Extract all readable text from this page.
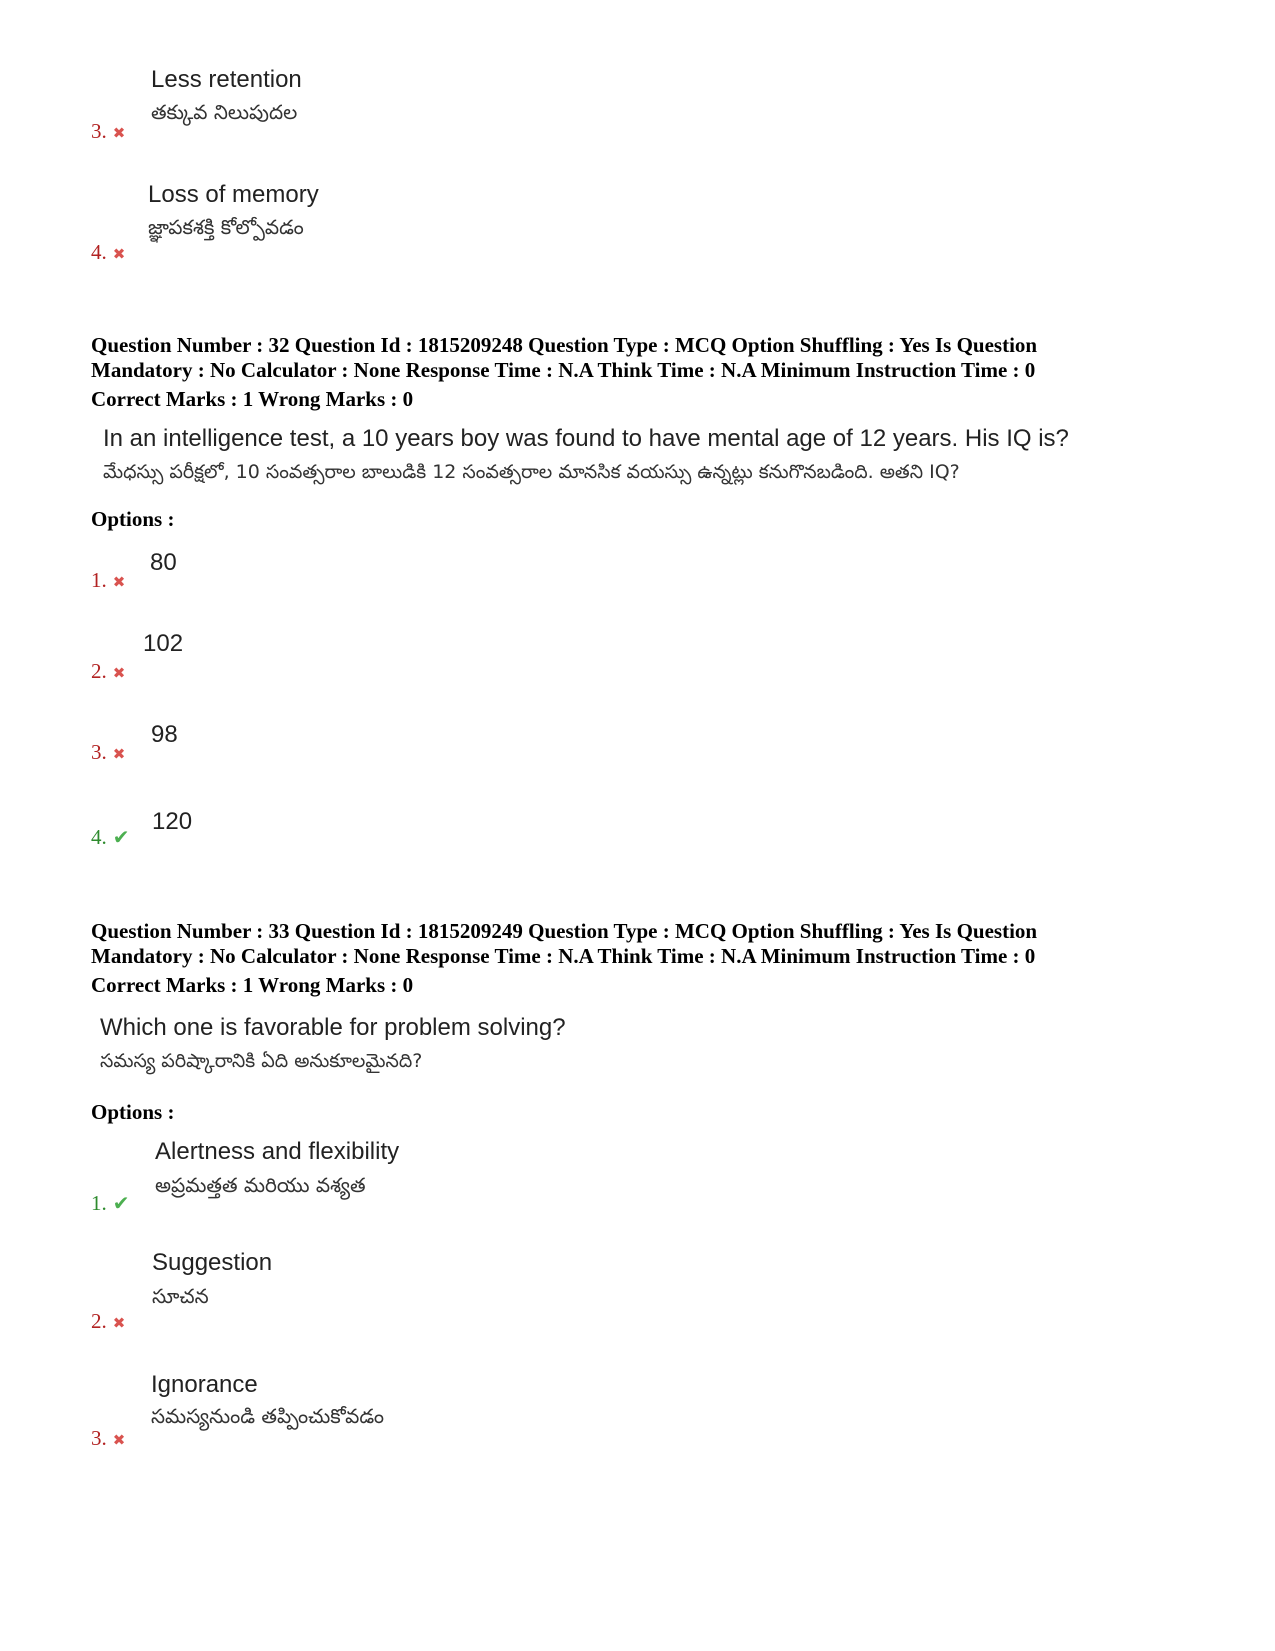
Less retention
తక్కువ నిలుపుదల
3. ✖
Loss of memory
జ్ఞాపకశక్తి కోల్పోవడం
4. ✖
Question Number : 32 Question Id : 1815209248 Question Type : MCQ Option Shuffling : Yes Is Question
Mandatory : No Calculator : None Response Time : N.A Think Time : N.A Minimum Instruction Time : 0
Correct Marks : 1 Wrong Marks : 0
In an intelligence test, a 10 years boy was found to have mental age of 12 years. His IQ is?
మేధస్సు పరీక్షలో, 10 సంవత్సరాల బాలుడికి 12 సంవత్సరాల మానసిక వయస్సు ఉన్నట్లు కనుగొనబడింది. అతని IQ?
Options :
80
1. ✖
102
2. ✖
98
3. ✖
120
4. ✔
Question Number : 33 Question Id : 1815209249 Question Type : MCQ Option Shuffling : Yes Is Question
Mandatory : No Calculator : None Response Time : N.A Think Time : N.A Minimum Instruction Time : 0
Correct Marks : 1 Wrong Marks : 0
Which one is favorable for problem solving?
సమస్య పరిష్కారానికి ఏది అనుకూలమైనది?
Options :
Alertness and flexibility
అప్రమత్తత మరియు వశ్యత
1. ✔
Suggestion
సూచన
2. ✖
Ignorance
సమస్యనుండి తప్పించుకోవడం
3. ✖
